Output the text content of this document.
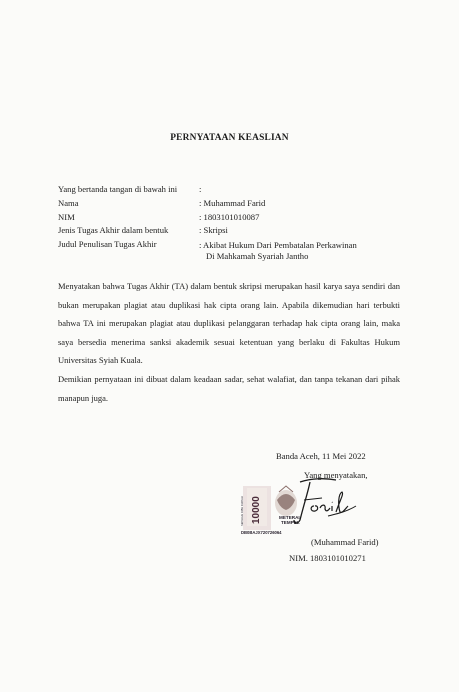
PERNYATAAN KEASLIAN
Yang bertanda tangan di bawah ini	:
Nama	: Muhammad Farid
NIM	: 1803101010087
Jenis Tugas Akhir dalam bentuk	: Skripsi
Judul Penulisan Tugas Akhir	: Akibat Hukum Dari Pembatalan Perkawinan
Di Mahkamah Syariah Jantho

Menyatakan bahwa Tugas Akhir (TA) dalam bentuk skripsi merupakan hasil karya saya sendiri dan bukan merupakan plagiat atau duplikasi hak cipta orang lain. Apabila dikemudian hari terbukti bahwa TA ini merupakan plagiat atau duplikasi pelanggaran terhadap hak cipta orang lain, maka saya bersedia menerima sanksi akademik sesuai ketentuan yang berlaku di Fakultas Hukum Universitas Syiah Kuala.

Demikian pernyataan ini dibuat dalam keadaan sadar, sehat walafiat, dan tanpa tekanan dari pihak manapun juga.

Banda Aceh, 11 Mei 2022
Yang menyatakan,
10000
SEPULUH RIBU RUPIAH	METERAI
TEMPEL
DB0BAJX720726064
(Muhammad Farid)
NIM. 1803101010271
